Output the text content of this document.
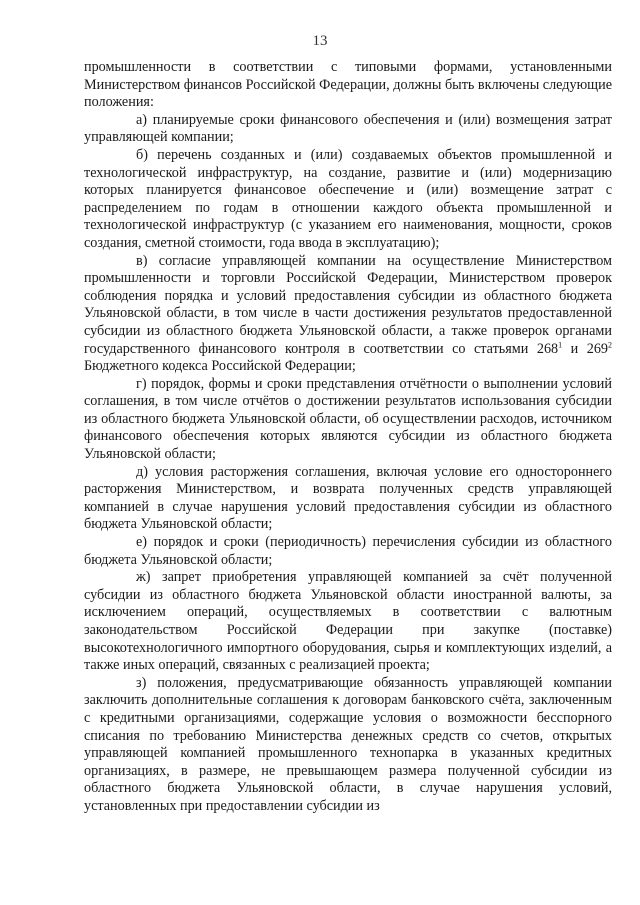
13

промышленности в соответствии с типовыми формами, установленными Министерством финансов Российской Федерации, должны быть включены следующие положения:

а) планируемые сроки финансового обеспечения и (или) возмещения затрат управляющей компании;

б) перечень созданных и (или) создаваемых объектов промышленной и технологической инфраструктур, на создание, развитие и (или) модернизацию которых планируется финансовое обеспечение и (или) возмещение затрат с распределением по годам в отношении каждого объекта промышленной и технологической инфраструктур (с указанием его наименования, мощности, сроков создания, сметной стоимости, года ввода в эксплуатацию);

в) согласие управляющей компании на осуществление Министерством промышленности и торговли Российской Федерации, Министерством проверок соблюдения порядка и условий предоставления субсидии из областного бюджета Ульяновской области, в том числе в части достижения результатов предоставленной субсидии из областного бюджета Ульяновской области, а также проверок органами государственного финансового контроля в соответствии со статьями $268^1$ и $269^2$ Бюджетного кодекса Российской Федерации;

г) порядок, формы и сроки представления отчётности о выполнении условий соглашения, в том числе отчётов о достижении результатов использования субсидии из областного бюджета Ульяновской области, об осуществлении расходов, источником финансового обеспечения которых являются субсидии из областного бюджета Ульяновской области;

д) условия расторжения соглашения, включая условие его одностороннего расторжения Министерством, и возврата полученных средств управляющей компанией в случае нарушения условий предоставления субсидии из областного бюджета Ульяновской области;

е) порядок и сроки (периодичность) перечисления субсидии из областного бюджета Ульяновской области;

ж) запрет приобретения управляющей компанией за счёт полученной субсидии из областного бюджета Ульяновской области иностранной валюты, за исключением операций, осуществляемых в соответствии с валютным законодательством Российской Федерации при закупке (поставке) высокотехнологичного импортного оборудования, сырья и комплектующих изделий, а также иных операций, связанных с реализацией проекта;

з) положения, предусматривающие обязанность управляющей компании заключить дополнительные соглашения к договорам банковского счёта, заключенным с кредитными организациями, содержащие условия о возможности бесспорного списания по требованию Министерства денежных средств со счетов, открытых управляющей компанией промышленного технопарка в указанных кредитных организациях, в размере, не превышающем размера полученной субсидии из областного бюджета Ульяновской области, в случае нарушения условий, установленных при предоставлении субсидии из
